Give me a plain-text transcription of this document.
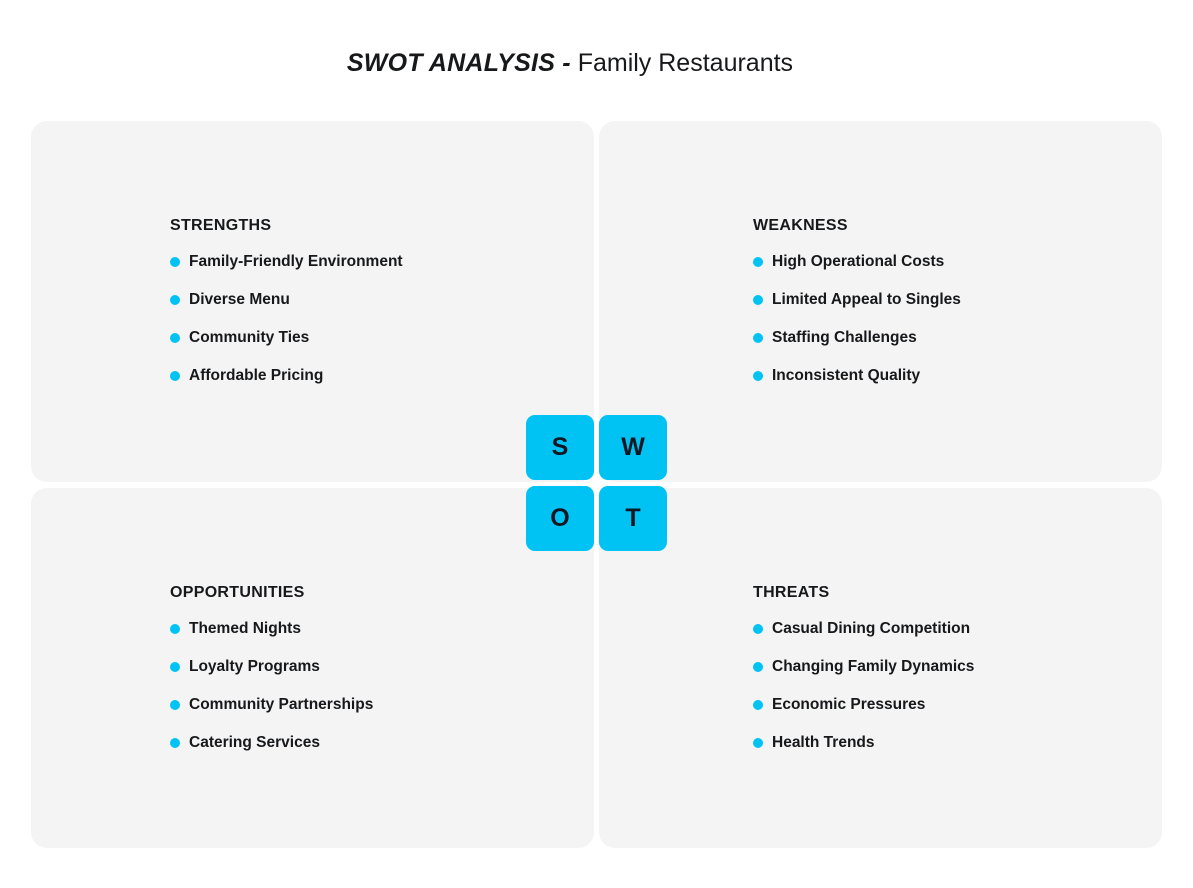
SWOT ANALYSIS - Family Restaurants
STRENGTHS
Family-Friendly Environment
Diverse Menu
Community Ties
Affordable Pricing
WEAKNESS
High Operational Costs
Limited Appeal to Singles
Staffing Challenges
Inconsistent Quality
OPPORTUNITIES
Themed Nights
Loyalty Programs
Community Partnerships
Catering Services
THREATS
Casual Dining Competition
Changing Family Dynamics
Economic Pressures
Health Trends
S	W
O	T
